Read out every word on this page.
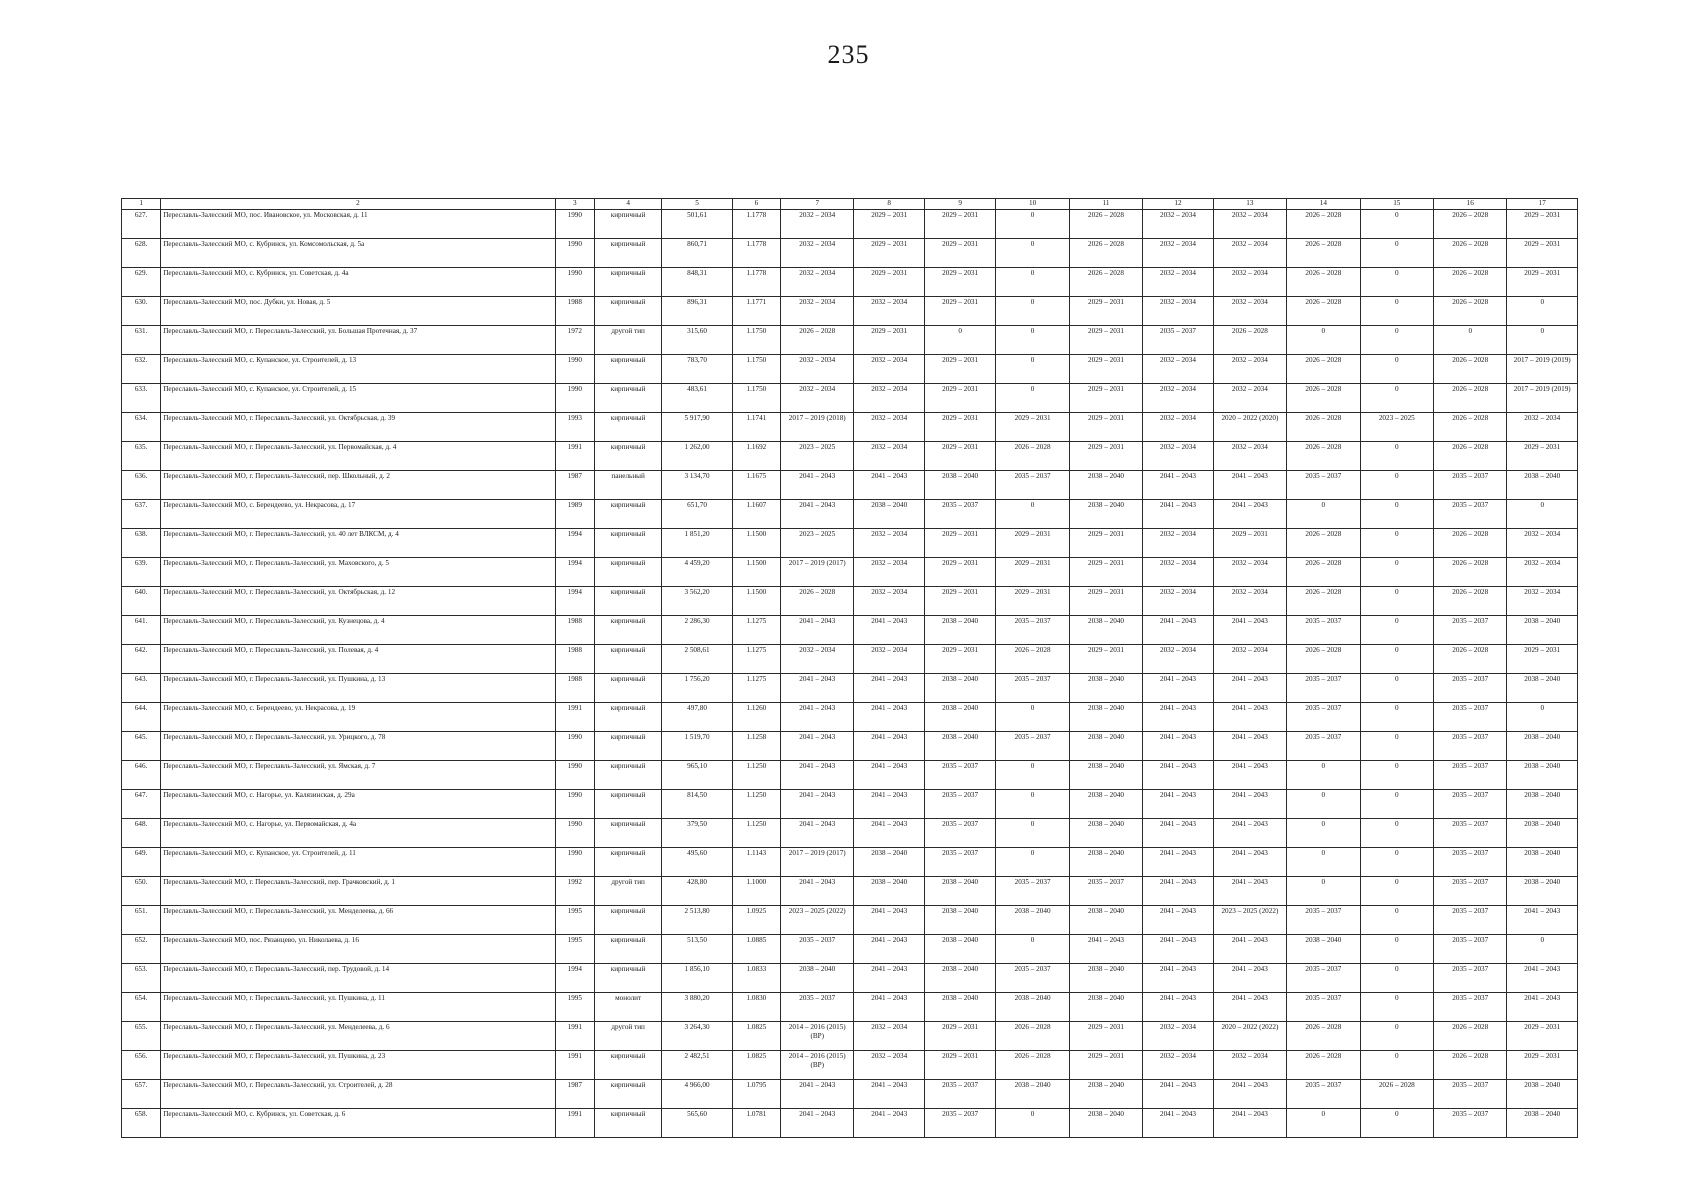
235
1	2	3	4	5	6	7	8	9	10	11	12	13	14	15	16	17
627.	Переславль-Залесский МО, пос. Ивановское, ул. Московская, д. 11	1990	кирпичный	501,61	1.1778	2032 – 2034	2029 – 2031	2029 – 2031	0	2026 – 2028	2032 – 2034	2032 – 2034	2026 – 2028	0	2026 – 2028	2029 – 2031
628.	Переславль-Залесский МО, с. Кубринск, ул. Комсомольская, д. 5а	1990	кирпичный	860,71	1.1778	2032 – 2034	2029 – 2031	2029 – 2031	0	2026 – 2028	2032 – 2034	2032 – 2034	2026 – 2028	0	2026 – 2028	2029 – 2031
629.	Переславль-Залесский МО, с. Кубринск, ул. Советская, д. 4а	1990	кирпичный	848,31	1.1778	2032 – 2034	2029 – 2031	2029 – 2031	0	2026 – 2028	2032 – 2034	2032 – 2034	2026 – 2028	0	2026 – 2028	2029 – 2031
630.	Переславль-Залесский МО, пос. Дубки, ул. Новая, д. 5	1988	кирпичный	896,31	1.1771	2032 – 2034	2032 – 2034	2029 – 2031	0	2029 – 2031	2032 – 2034	2032 – 2034	2026 – 2028	0	2026 – 2028	0
631.	Переславль-Залесский МО, г. Переславль-Залесский, ул. Большая Протечная, д. 37	1972	другой тип	315,60	1.1750	2026 – 2028	2029 – 2031	0	0	2029 – 2031	2035 – 2037	2026 – 2028	0	0	0	0
632.	Переславль-Залесский МО, с. Купанское, ул. Строителей, д. 13	1990	кирпичный	783,70	1.1750	2032 – 2034	2032 – 2034	2029 – 2031	0	2029 – 2031	2032 – 2034	2032 – 2034	2026 – 2028	0	2026 – 2028	2017 – 2019 (2019)
633.	Переславль-Залесский МО, с. Купанское, ул. Строителей, д. 15	1990	кирпичный	483,61	1.1750	2032 – 2034	2032 – 2034	2029 – 2031	0	2029 – 2031	2032 – 2034	2032 – 2034	2026 – 2028	0	2026 – 2028	2017 – 2019 (2019)
634.	Переславль-Залесский МО, г. Переславль-Залесский, ул. Октябрьская, д. 39	1993	кирпичный	5 917,90	1.1741	2017 – 2019 (2018)	2032 – 2034	2029 – 2031	2029 – 2031	2029 – 2031	2032 – 2034	2020 – 2022 (2020)	2026 – 2028	2023 – 2025	2026 – 2028	2032 – 2034
635.	Переславль-Залесский МО, г. Переславль-Залесский, ул. Первомайская, д. 4	1991	кирпичный	1 262,00	1.1692	2023 – 2025	2032 – 2034	2029 – 2031	2026 – 2028	2029 – 2031	2032 – 2034	2032 – 2034	2026 – 2028	0	2026 – 2028	2029 – 2031
636.	Переславль-Залесский МО, г. Переславль-Залесский, пер. Школьный, д. 2	1987	панельный	3 134,70	1.1675	2041 – 2043	2041 – 2043	2038 – 2040	2035 – 2037	2038 – 2040	2041 – 2043	2041 – 2043	2035 – 2037	0	2035 – 2037	2038 – 2040
637.	Переславль-Залесский МО, с. Берендеево, ул. Некрасова, д. 17	1989	кирпичный	651,70	1.1607	2041 – 2043	2038 – 2040	2035 – 2037	0	2038 – 2040	2041 – 2043	2041 – 2043	0	0	2035 – 2037	0
638.	Переславль-Залесский МО, г. Переславль-Залесский, ул. 40 лет ВЛКСМ, д. 4	1994	кирпичный	1 851,20	1.1500	2023 – 2025	2032 – 2034	2029 – 2031	2029 – 2031	2029 – 2031	2032 – 2034	2029 – 2031	2026 – 2028	0	2026 – 2028	2032 – 2034
639.	Переславль-Залесский МО, г. Переславль-Залесский, ул. Маховского, д. 5	1994	кирпичный	4 459,20	1.1500	2017 – 2019 (2017)	2032 – 2034	2029 – 2031	2029 – 2031	2029 – 2031	2032 – 2034	2032 – 2034	2026 – 2028	0	2026 – 2028	2032 – 2034
640.	Переславль-Залесский МО, г. Переславль-Залесский, ул. Октябрьская, д. 12	1994	кирпичный	3 562,20	1.1500	2026 – 2028	2032 – 2034	2029 – 2031	2029 – 2031	2029 – 2031	2032 – 2034	2032 – 2034	2026 – 2028	0	2026 – 2028	2032 – 2034
641.	Переславль-Залесский МО, г. Переславль-Залесский, ул. Кузнецова, д. 4	1988	кирпичный	2 286,30	1.1275	2041 – 2043	2041 – 2043	2038 – 2040	2035 – 2037	2038 – 2040	2041 – 2043	2041 – 2043	2035 – 2037	0	2035 – 2037	2038 – 2040
642.	Переславль-Залесский МО, г. Переславль-Залесский, ул. Полевая, д. 4	1988	кирпичный	2 508,61	1.1275	2032 – 2034	2032 – 2034	2029 – 2031	2026 – 2028	2029 – 2031	2032 – 2034	2032 – 2034	2026 – 2028	0	2026 – 2028	2029 – 2031
643.	Переславль-Залесский МО, г. Переславль-Залесский, ул. Пушкина, д. 13	1988	кирпичный	1 756,20	1.1275	2041 – 2043	2041 – 2043	2038 – 2040	2035 – 2037	2038 – 2040	2041 – 2043	2041 – 2043	2035 – 2037	0	2035 – 2037	2038 – 2040
644.	Переславль-Залесский МО, с. Берендеево, ул. Некрасова, д. 19	1991	кирпичный	497,80	1.1260	2041 – 2043	2041 – 2043	2038 – 2040	0	2038 – 2040	2041 – 2043	2041 – 2043	2035 – 2037	0	2035 – 2037	0
645.	Переславль-Залесский МО, г. Переславль-Залесский, ул. Урицкого, д. 78	1990	кирпичный	1 519,70	1.1258	2041 – 2043	2041 – 2043	2038 – 2040	2035 – 2037	2038 – 2040	2041 – 2043	2041 – 2043	2035 – 2037	0	2035 – 2037	2038 – 2040
646.	Переславль-Залесский МО, г. Переславль-Залесский, ул. Ямская, д. 7	1990	кирпичный	965,10	1.1250	2041 – 2043	2041 – 2043	2035 – 2037	0	2038 – 2040	2041 – 2043	2041 – 2043	0	0	2035 – 2037	2038 – 2040
647.	Переславль-Залесский МО, с. Нагорье, ул. Калязинская, д. 29а	1990	кирпичный	814,50	1.1250	2041 – 2043	2041 – 2043	2035 – 2037	0	2038 – 2040	2041 – 2043	2041 – 2043	0	0	2035 – 2037	2038 – 2040
648.	Переславль-Залесский МО, с. Нагорье, ул. Первомайская, д. 4а	1990	кирпичный	379,50	1.1250	2041 – 2043	2041 – 2043	2035 – 2037	0	2038 – 2040	2041 – 2043	2041 – 2043	0	0	2035 – 2037	2038 – 2040
649.	Переславль-Залесский МО, с. Купанское, ул. Строителей, д. 11	1990	кирпичный	495,60	1.1143	2017 – 2019 (2017)	2038 – 2040	2035 – 2037	0	2038 – 2040	2041 – 2043	2041 – 2043	0	0	2035 – 2037	2038 – 2040
650.	Переславль-Залесский МО, г. Переславль-Залесский, пер. Грачковский, д. 1	1992	другой тип	428,80	1.1000	2041 – 2043	2038 – 2040	2038 – 2040	2035 – 2037	2035 – 2037	2041 – 2043	2041 – 2043	0	0	2035 – 2037	2038 – 2040
651.	Переславль-Залесский МО, г. Переславль-Залесский, ул. Менделеева, д. 66	1995	кирпичный	2 513,80	1.0925	2023 – 2025 (2022)	2041 – 2043	2038 – 2040	2038 – 2040	2038 – 2040	2041 – 2043	2023 – 2025 (2022)	2035 – 2037	0	2035 – 2037	2041 – 2043
652.	Переславль-Залесский МО, пос. Рязанцево, ул. Николаева, д. 16	1995	кирпичный	513,50	1.0885	2035 – 2037	2041 – 2043	2038 – 2040	0	2041 – 2043	2041 – 2043	2041 – 2043	2038 – 2040	0	2035 – 2037	0
653.	Переславль-Залесский МО, г. Переславль-Залесский, пер. Трудовой, д. 14	1994	кирпичный	1 856,10	1.0833	2038 – 2040	2041 – 2043	2038 – 2040	2035 – 2037	2038 – 2040	2041 – 2043	2041 – 2043	2035 – 2037	0	2035 – 2037	2041 – 2043
654.	Переславль-Залесский МО, г. Переславль-Залесский, ул. Пушкина, д. 11	1995	монолит	3 880,20	1.0830	2035 – 2037	2041 – 2043	2038 – 2040	2038 – 2040	2038 – 2040	2041 – 2043	2041 – 2043	2035 – 2037	0	2035 – 2037	2041 – 2043
655.	Переславль-Залесский МО, г. Переславль-Залесский, ул. Менделеева, д. 6	1991	другой тип	3 264,30	1.0825	2014 – 2016 (2015) (ВР)	2032 – 2034	2029 – 2031	2026 – 2028	2029 – 2031	2032 – 2034	2020 – 2022 (2022)	2026 – 2028	0	2026 – 2028	2029 – 2031
656.	Переславль-Залесский МО, г. Переславль-Залесский, ул. Пушкина, д. 23	1991	кирпичный	2 482,51	1.0825	2014 – 2016 (2015) (ВР)	2032 – 2034	2029 – 2031	2026 – 2028	2029 – 2031	2032 – 2034	2032 – 2034	2026 – 2028	0	2026 – 2028	2029 – 2031
657.	Переславль-Залесский МО, г. Переславль-Залесский, ул. Строителей, д. 28	1987	кирпичный	4 966,00	1.0795	2041 – 2043	2041 – 2043	2035 – 2037	2038 – 2040	2038 – 2040	2041 – 2043	2041 – 2043	2035 – 2037	2026 – 2028	2035 – 2037	2038 – 2040
658.	Переславль-Залесский МО, с. Кубринск, ул. Советская, д. 6	1991	кирпичный	565,60	1.0781	2041 – 2043	2041 – 2043	2035 – 2037	0	2038 – 2040	2041 – 2043	2041 – 2043	0	0	2035 – 2037	2038 – 2040
